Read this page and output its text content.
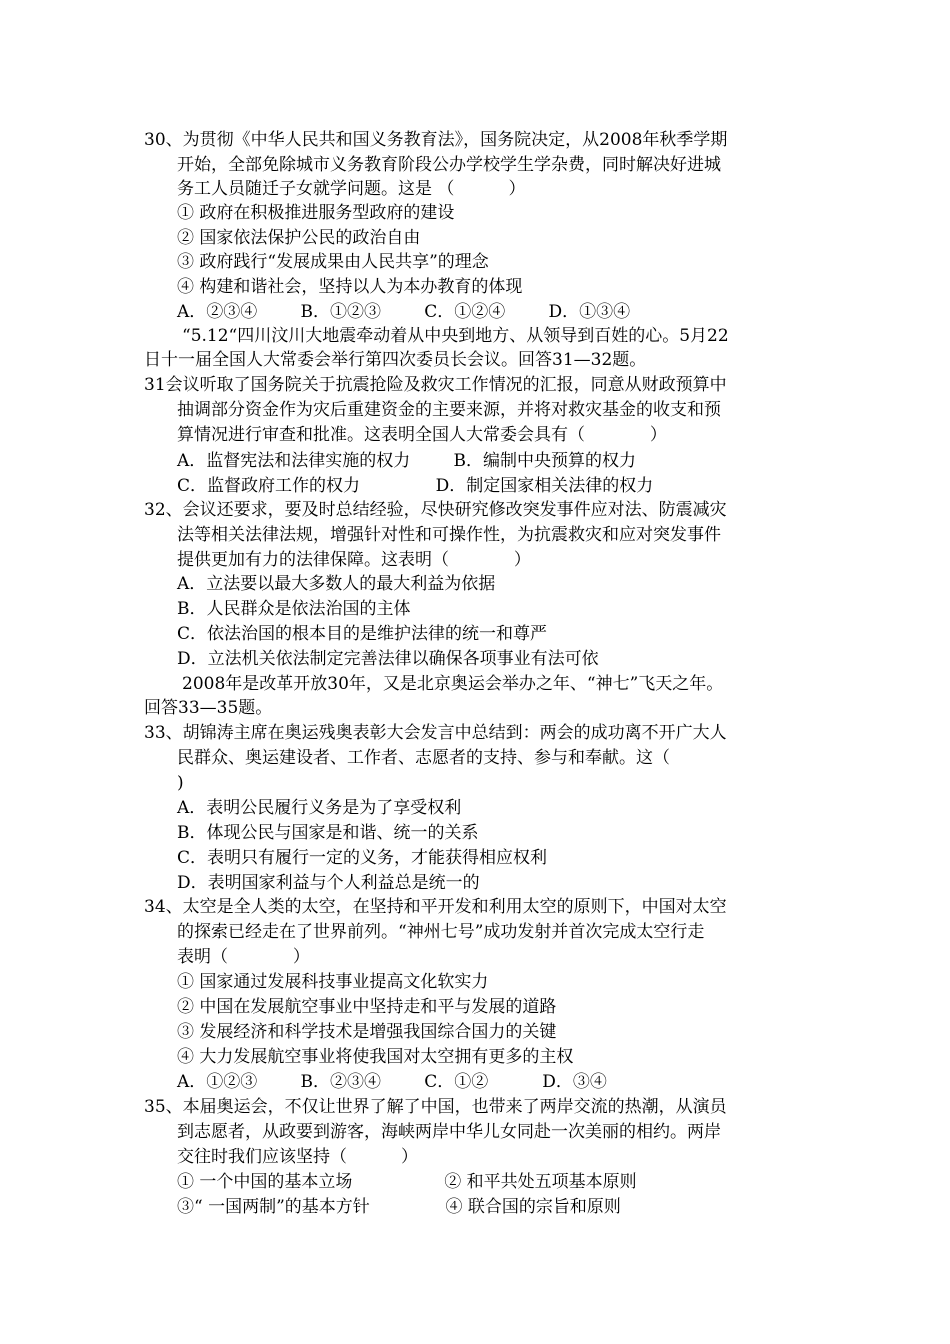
30、为贯彻《中华人民共和国义务教育法》，国务院决定，从2008年秋季学期
开始，全部免除城市义务教育阶段公办学校学生学杂费，同时解决好进城
务工人员随迁子女就学问题。这是 （          ）
① 政府在积极推进服务型政府的建设
② 国家依法保护公民的政治自由
③ 政府践行“发展成果由人民共享”的理念
④ 构建和谐社会，坚持以人为本办教育的体现
A．②③④        B．①②③        C．①②④        D．①③④
“5.12“四川汶川大地震牵动着从中央到地方、从领导到百姓的心。5月22
日十一届全国人大常委会举行第四次委员长会议。回答31—32题。
31会议听取了国务院关于抗震抢险及救灾工作情况的汇报，同意从财政预算中
抽调部分资金作为灾后重建资金的主要来源，并将对救灾基金的收支和预
算情况进行审查和批准。这表明全国人大常委会具有（            ）
A．监督宪法和法律实施的权力        B．编制中央预算的权力
C．监督政府工作的权力              D．制定国家相关法律的权力
32、会议还要求，要及时总结经验，尽快研究修改突发事件应对法、防震减灾
法等相关法律法规，增强针对性和可操作性，为抗震救灾和应对突发事件
提供更加有力的法律保障。这表明（            ）
A．立法要以最大多数人的最大利益为依据
B．人民群众是依法治国的主体
C．依法治国的根本目的是维护法律的统一和尊严
D．立法机关依法制定完善法律以确保各项事业有法可依
2008年是改革开放30年，又是北京奥运会举办之年、“神七”飞天之年。
回答33—35题。
33、胡锦涛主席在奥运残奥表彰大会发言中总结到：两会的成功离不开广大人
民群众、奥运建设者、工作者、志愿者的支持、参与和奉献。这（
)
A．表明公民履行义务是为了享受权利
B．体现公民与国家是和谐、统一的关系
C．表明只有履行一定的义务，才能获得相应权利
D．表明国家利益与个人利益总是统一的
34、太空是全人类的太空，在坚持和平开发和利用太空的原则下，中国对太空
的探索已经走在了世界前列。“神州七号”成功发射并首次完成太空行走
表明（            ）
① 国家通过发展科技事业提高文化软实力
② 中国在发展航空事业中坚持走和平与发展的道路
③ 发展经济和科学技术是增强我国综合国力的关键
④ 大力发展航空事业将使我国对太空拥有更多的主权
A．①②③        B．②③④        C．①②          D．③④
35、本届奥运会，不仅让世界了解了中国，也带来了两岸交流的热潮，从演员
到志愿者，从政要到游客，海峡两岸中华儿女同赴一次美丽的相约。两岸
交往时我们应该坚持（          ）
① 一个中国的基本立场                 ② 和平共处五项基本原则
③“ 一国两制”的基本方针              ④ 联合国的宗旨和原则
